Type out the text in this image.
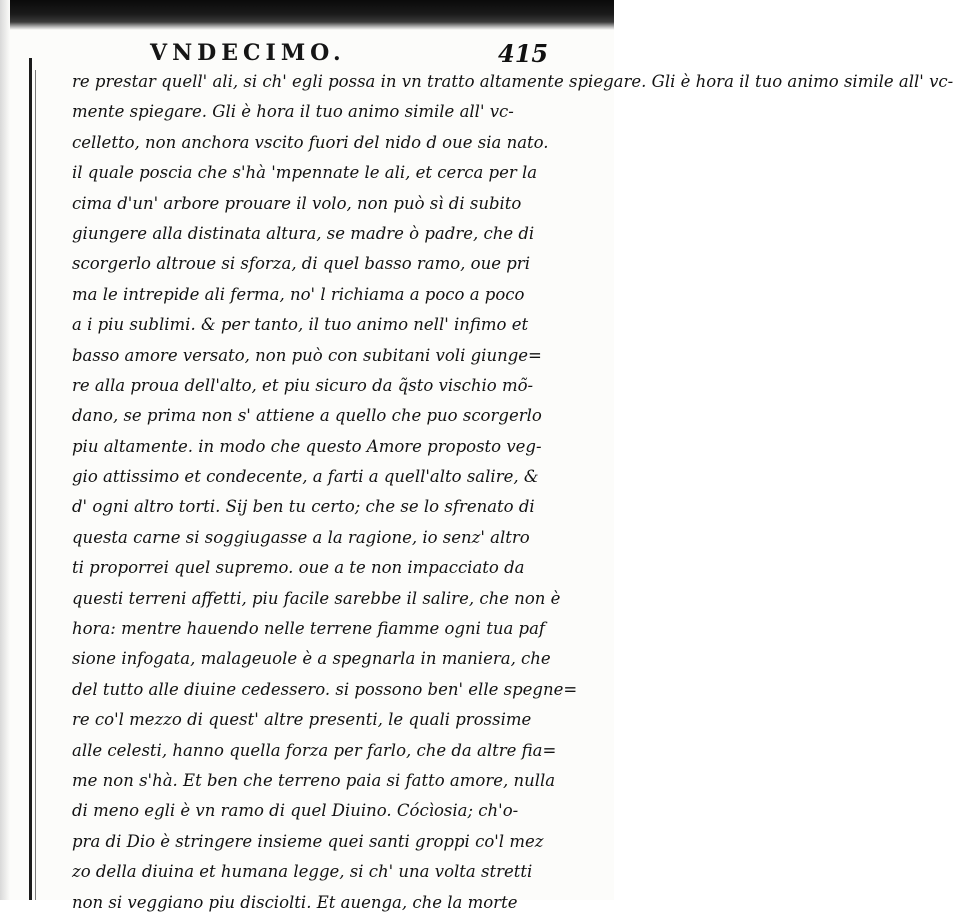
VNDECIMO.	415
re prestar quell' ali, si ch' egli possa in vn tratto altamente spiegare. Gli è hora il tuo animo simile all' vc-
mente spiegare. Gli è hora il tuo animo simile all' vc-
celletto, non anchora vscito fuori del nido d oue sia nato.
il quale poscia che s'hà 'mpennate le ali, et cerca per la
cima d'un' arbore prouare il volo, non può sì di subito
giungere alla distinata altura, se madre ò padre, che di
scorgerlo altroue si sforza, di quel basso ramo, oue pri
ma le intrepide ali ferma, no' l richiama a poco a poco
a i piu sublimi. & per tanto, il tuo animo nell' infimo et
basso amore versato, non può con subitani voli giunge=
re alla proua dell'alto, et piu sicuro da q̃sto vischio mõ-
dano, se prima non s' attiene a quello che puo scorgerlo
piu altamente. in modo che questo Amore proposto veg-
gio attissimo et condecente, a farti a quell'alto salire, &
d' ogni altro torti. Sij ben tu certo; che se lo sfrenato di
questa carne si soggiugasse a la ragione, io senz' altro
ti proporrei quel supremo. oue a te non impacciato da
questi terreni affetti, piu facile sarebbe il salire, che non è
hora: mentre hauendo nelle terrene fiamme ogni tua paf
sione infogata, malageuole è a spegnarla in maniera, che
del tutto alle diuine cedessero. si possono ben' elle spegne=
re co'l mezzo di quest' altre presenti, le quali prossime
alle celesti, hanno quella forza per farlo, che da altre fia=
me non s'hà. Et ben che terreno paia si fatto amore, nulla
di meno egli è vn ramo di quel Diuino. Cócìosia; ch'o-
pra di Dio è stringere insieme quei santi groppi co'l mez
zo della diuina et humana legge, si ch' una volta stretti
non si veggiano piu disciolti. Et auenga, che la morte
